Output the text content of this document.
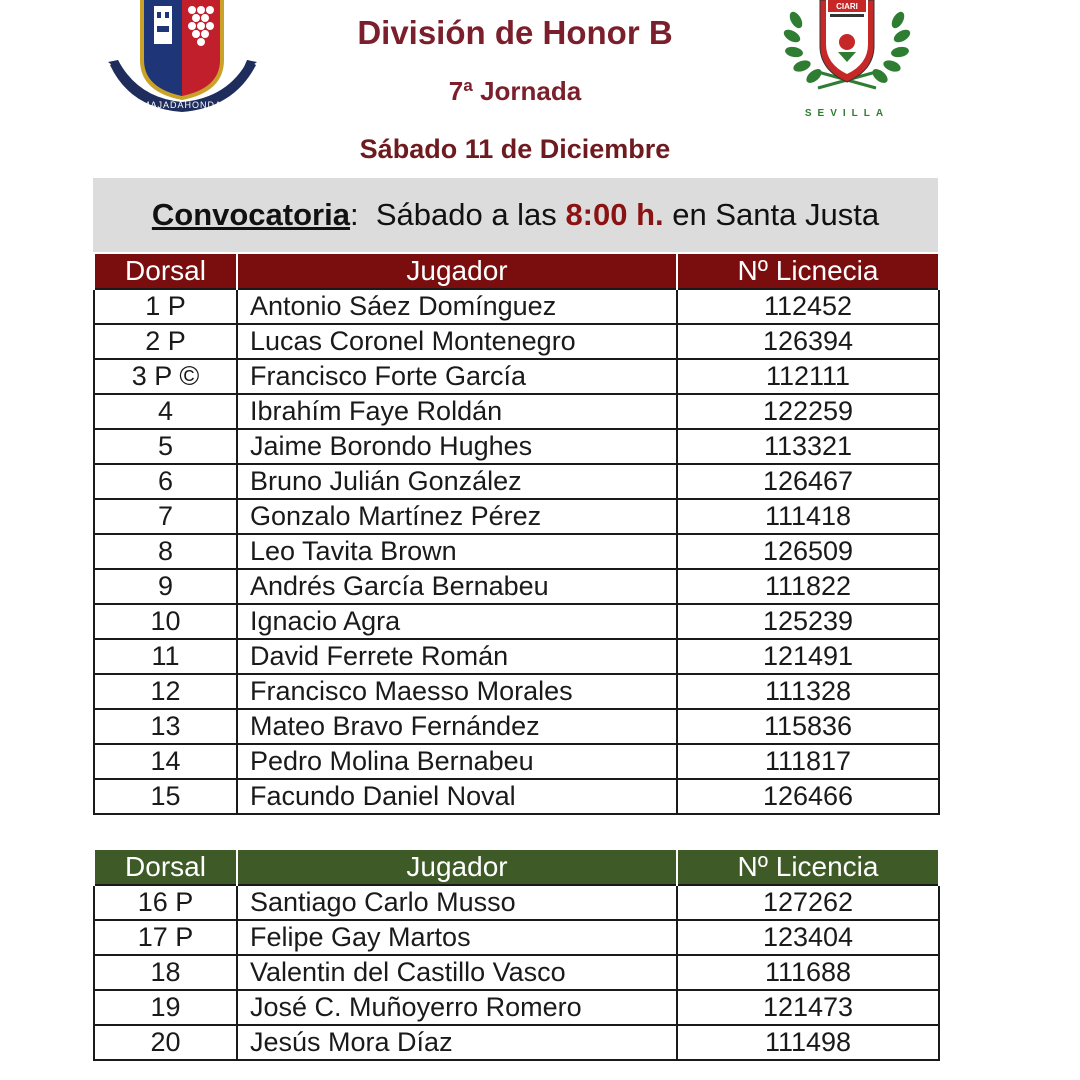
MAJADAHONDA
CIARI
SEVILLA
División de Honor B
7ª Jornada
Sábado 11 de Diciembre
Convocatoria : Sábado a las
8:00 h.
en Santa Justa
Dorsal	Jugador	Nº Licnecia
1 P	Antonio Sáez Domínguez	112452
2 P	Lucas Coronel Montenegro	126394
3 P ©	Francisco Forte García	112111
4	Ibrahím Faye Roldán	122259
5	Jaime Borondo Hughes	113321
6	Bruno Julián González	126467
7	Gonzalo Martínez Pérez	111418
8	Leo Tavita Brown	126509
9	Andrés García Bernabeu	111822
10	Ignacio Agra	125239
11	David Ferrete Román	121491
12	Francisco Maesso Morales	111328
13	Mateo Bravo Fernández	115836
14	Pedro Molina Bernabeu	111817
15	Facundo Daniel Noval	126466
Dorsal	Jugador	Nº Licencia
16 P	Santiago Carlo Musso	127262
17 P	Felipe Gay Martos	123404
18	Valentin del Castillo Vasco	111688
19	José C. Muñoyerro Romero	121473
20	Jesús Mora Díaz	111498
